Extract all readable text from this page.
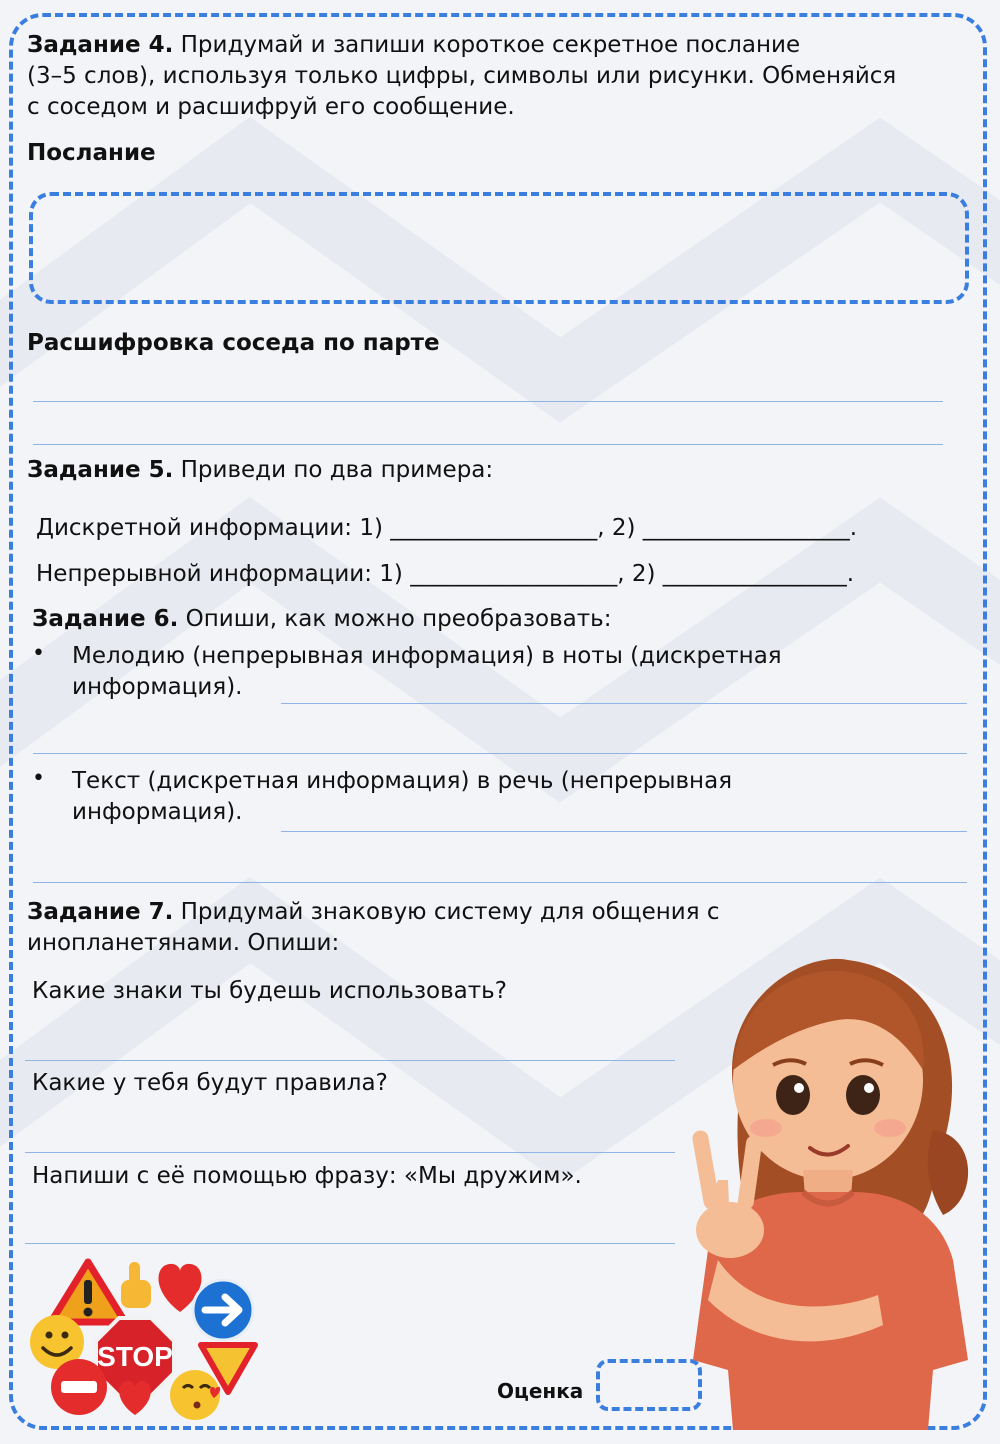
Задание 4. Придумай и запиши короткое секретное послание

(3–5 слов), используя только цифры, символы или рисунки. Обменяйся

с соседом и расшифруй его сообщение.

Послание
Расшифровка соседа по парте

Задание 5. Приведи по два примера:

Дискретной информации: 1) __________________, 2) __________________.

Непрерывной информации: 1) __________________, 2) ________________.

Задание 6. Опиши, как можно преобразовать:

• Мелодию (непрерывная информация) в ноты (дискретная

информация).

• Текст (дискретная информация) в речь (непрерывная

информация).

Задание 7. Придумай знаковую систему для общения с

инопланетянами. Опиши:

Какие знаки ты будешь использовать?

Какие у тебя будут правила?

Напиши с её помощью фразу: «Мы дружим».

Оценка
STOP
